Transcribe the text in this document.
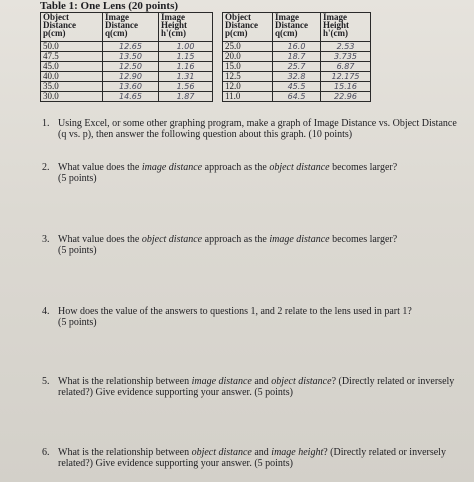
Table 1: One Lens (20 points)
Object Distance p(cm)	Image Distance q(cm)	Image Height h'(cm)
50.0	12.65	1.00
47.5	13.50	1.15
45.0	12.50	1.16
40.0	12.90	1.31
35.0	13.60	1.56
30.0	14.65	1.87
Object Distance p(cm)	Image Distance q(cm)	Image Height h'(cm)
25.0	16.0	2.53
20.0	18.7	3.735
15.0	25.7	6.87
12.5	32.8	12.175
12.0	45.5	15.16
11.0	64.5	22.96
1. Using Excel, or some other graphing program, make a graph of Image Distance vs. Object Distance (q vs. p), then answer the following question about this graph. (10 points)
2. What value does the image distance approach as the object distance becomes larger?
(5 points)
3. What value does the object distance approach as the image distance becomes larger?
(5 points)
4. How does the value of the answers to questions 1, and 2 relate to the lens used in part 1?
(5 points)
5. What is the relationship between image distance and object distance? (Directly related or inversely related?) Give evidence supporting your answer. (5 points)
6. What is the relationship between object distance and image height? (Directly related or inversely related?) Give evidence supporting your answer. (5 points)
